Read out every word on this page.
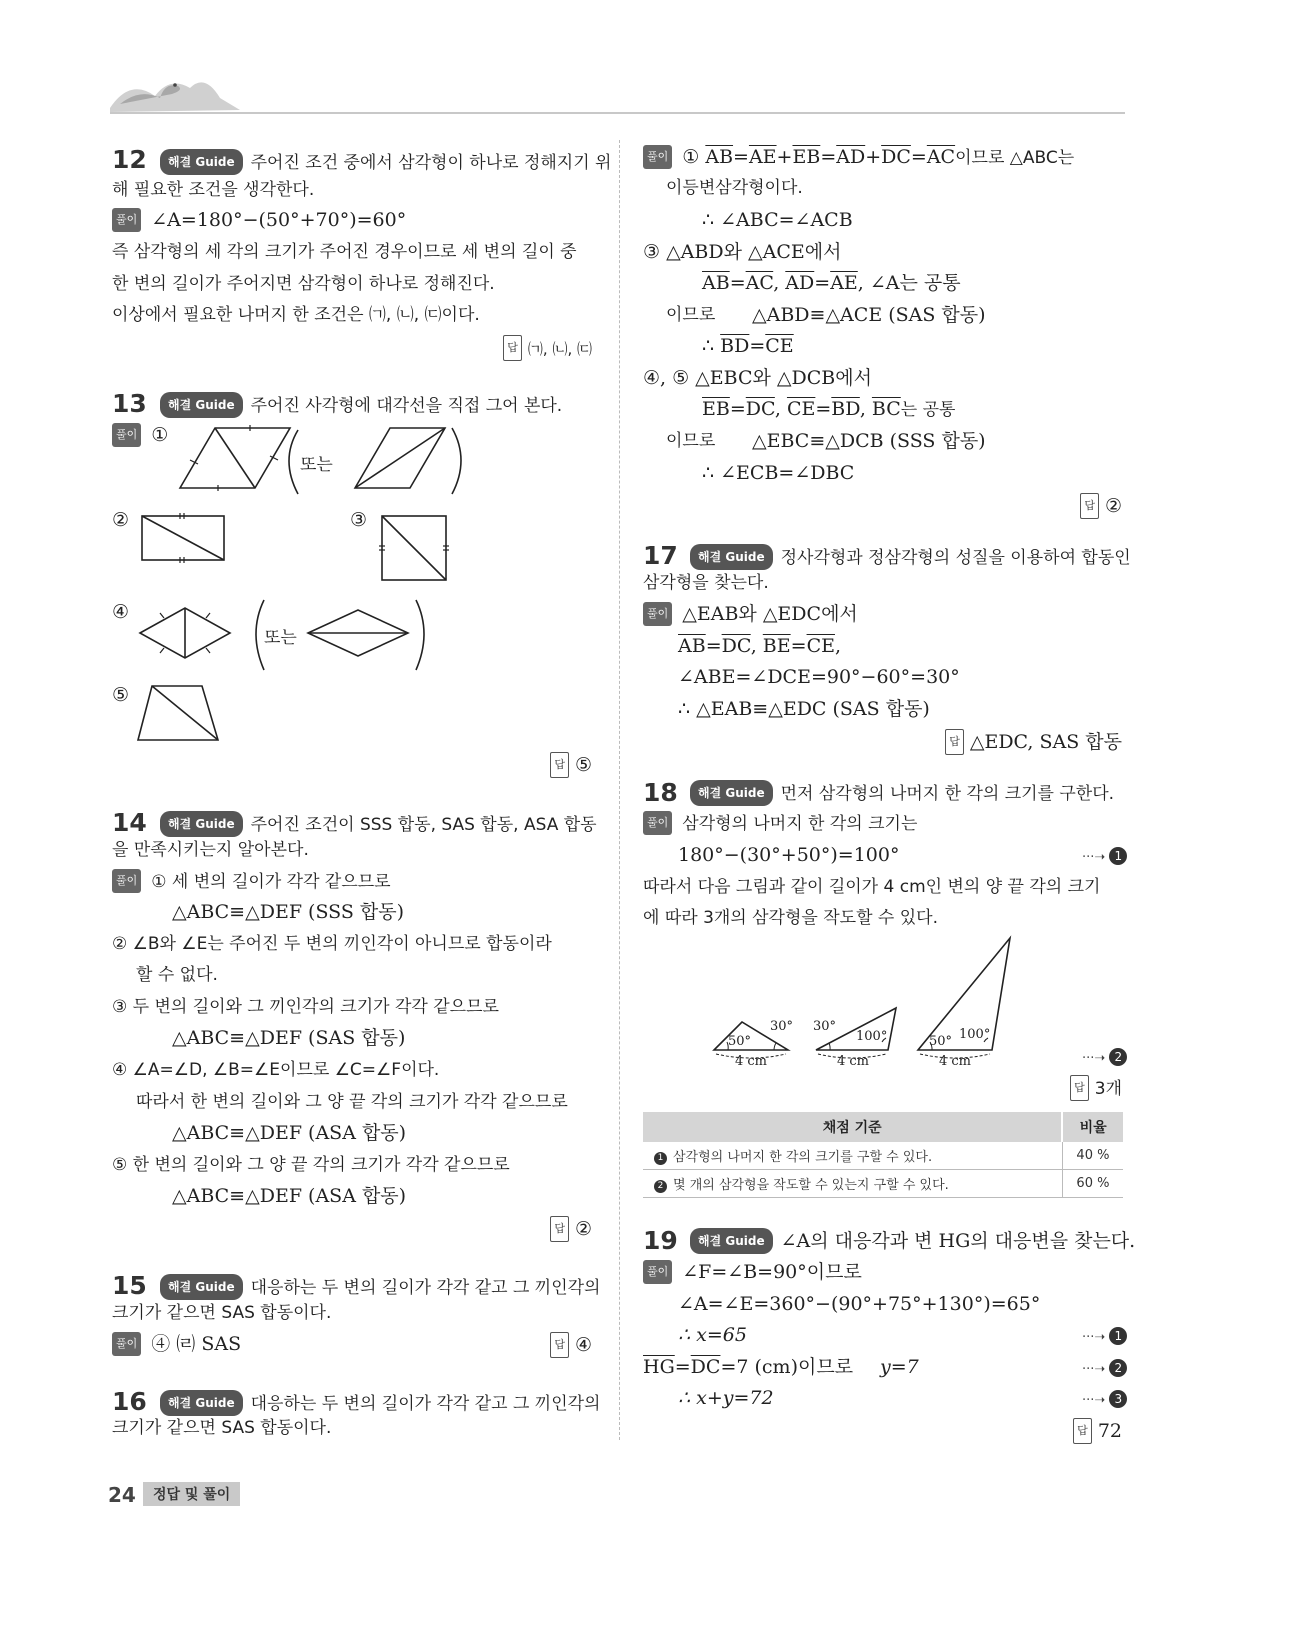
12	해결 Guide 주어진 조건 중에서 삼각형이 하나로 정해지기 위
해 필요한 조건을 생각한다.
풀이 ∠A=180°−(50°+70°)=60°
즉 삼각형의 세 각의 크기가 주어진 경우이므로 세 변의 길이 중
한 변의 길이가 주어지면 삼각형이 하나로 정해진다.
이상에서 필요한 나머지 한 조건은 ㈀, ㈁, ㈂이다.
답 ㈀, ㈁, ㈂
13	해결 Guide 주어진 사각형에 대각선을 직접 그어 본다.
풀이 ①
②	③
④
⑤
또는
또는
답 ⑤
14	해결 Guide 주어진 조건이 SSS 합동, SAS 합동, ASA 합동
을 만족시키는지 알아본다.
풀이 ① 세 변의 길이가 각각 같으므로
△ABC≡△DEF (SSS 합동)
② ∠B와 ∠E는 주어진 두 변의 끼인각이 아니므로 합동이라
할 수 없다.
③ 두 변의 길이와 그 끼인각의 크기가 각각 같으므로
△ABC≡△DEF (SAS 합동)
④ ∠A=∠D, ∠B=∠E이므로 ∠C=∠F이다.
따라서 한 변의 길이와 그 양 끝 각의 크기가 각각 같으므로
△ABC≡△DEF (ASA 합동)
⑤ 한 변의 길이와 그 양 끝 각의 크기가 각각 같으므로
△ABC≡△DEF (ASA 합동)
답 ②
15	해결 Guide 대응하는 두 변의 길이가 각각 같고 그 끼인각의
크기가 같으면 SAS 합동이다.
풀이 ④ ㈃ SAS	답 ④
16	해결 Guide 대응하는 두 변의 길이가 각각 같고 그 끼인각의
크기가 같으면 SAS 합동이다.
풀이 ① $\overline{AB}=\overline{AE}+\overline{EB}=\overline{AD}+\overline{DC}=\overline{AC}$이므로 △ABC는
이등변삼각형이다.
∴ ∠ABC=∠ACB
③ △ABD와 △ACE에서
$\overline{AB}=\overline{AC}$, $\overline{AD}=\overline{AE}$, ∠A는 공통
이므로 △ABD≡△ACE (SAS 합동)
∴ $\overline{BD}=\overline{CE}$
④, ⑤ △EBC와 △DCB에서
$\overline{EB}=\overline{DC}$, $\overline{CE}=\overline{BD}$, $\overline{BC}$는 공통
이므로 △EBC≡△DCB (SSS 합동)
∴ ∠ECB=∠DBC
답 ②
17	해결 Guide 정사각형과 정삼각형의 성질을 이용하여 합동인
삼각형을 찾는다.
풀이 △EAB와 △EDC에서
$\overline{AB}=\overline{DC}$, $\overline{BE}=\overline{CE}$,
∠ABE=∠DCE=90°−60°=30°
∴ △EAB≡△EDC (SAS 합동)
답 △EDC, SAS 합동
18	해결 Guide 먼저 삼각형의 나머지 한 각의 크기를 구한다.
풀이 삼각형의 나머지 한 각의 크기는
180°−(30°+50°)=100°	···➝ 1
따라서 다음 그림과 같이 길이가 4 cm인 변의 양 끝 각의 크기
에 따라 3개의 삼각형을 작도할 수 있다.
50°
30°
4 cm
30°
100°
4 cm
50° 100°
4 cm	···➝ 2
답 3개
채점 기준	비율
1 삼각형의 나머지 한 각의 크기를 구할 수 있다.	40 %
2 몇 개의 삼각형을 작도할 수 있는지 구할 수 있다.	60 %
19	해결 Guide ∠A의 대응각과 변 HG의 대응변을 찾는다.
풀이 ∠F=∠B=90°이므로
∠A=∠E=360°−(90°+75°+130°)=65°
∴ x=65	···➝ 1
$\overline{HG}=\overline{DC}=7$ (cm)이므로 y=7	···➝ 2
∴ x+y=72	···➝ 3
답 72
24 정답 및 풀이
